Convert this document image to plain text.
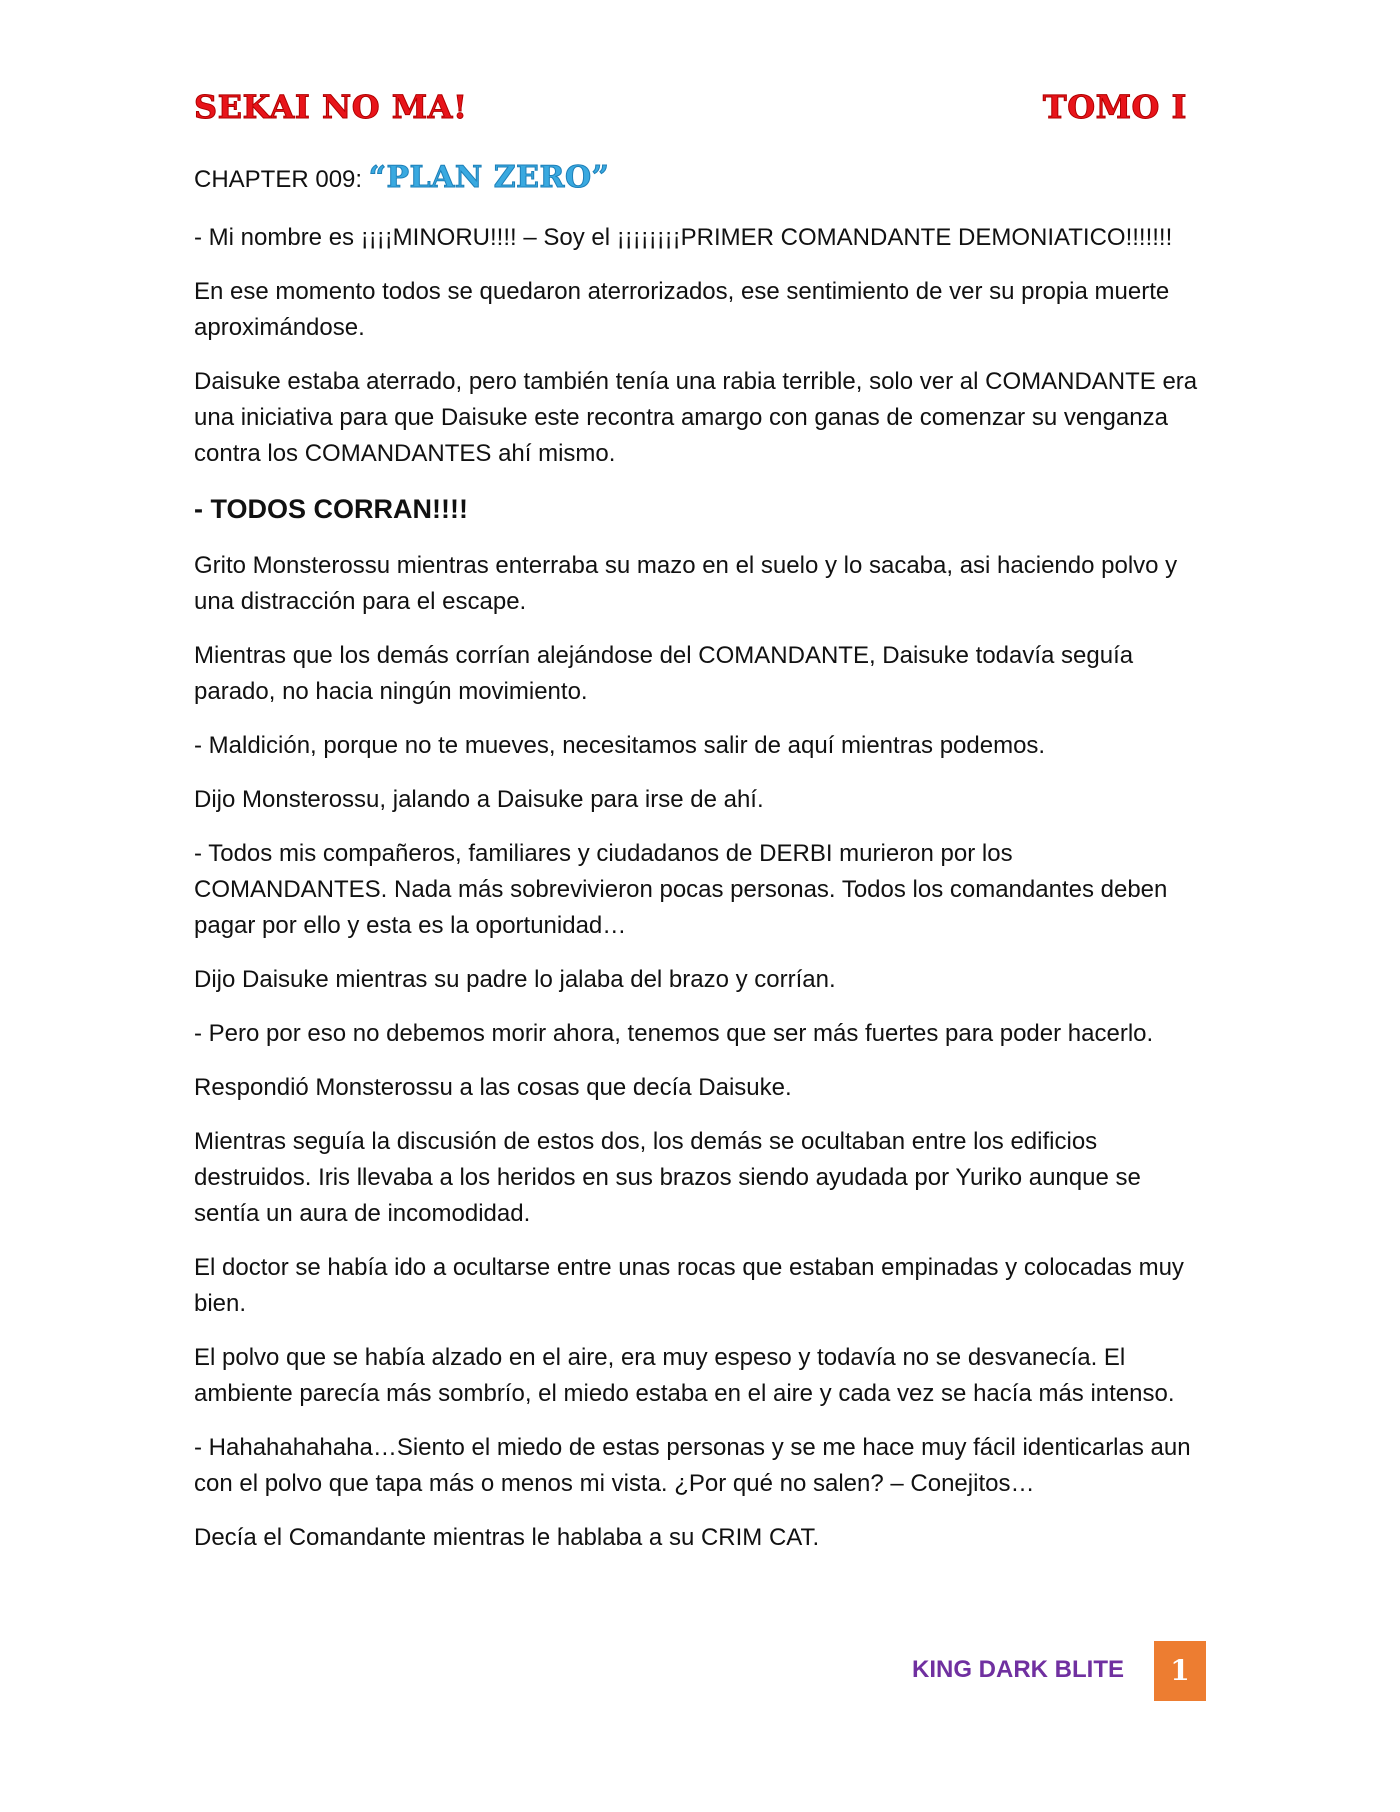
SEKAI NO MA!	TOMO I
CHAPTER 009: “PLAN ZERO”

- Mi nombre es ¡¡¡¡MINORU!!!! – Soy el ¡¡¡¡¡¡¡¡PRIMER COMANDANTE DEMONIATICO!!!!!!!

En ese momento todos se quedaron aterrorizados, ese sentimiento de ver su propia muerte aproximándose.

Daisuke estaba aterrado, pero también tenía una rabia terrible, solo ver al COMANDANTE era una iniciativa para que Daisuke este recontra amargo con ganas de comenzar su venganza contra los COMANDANTES ahí mismo.

- TODOS CORRAN!!!!

Grito Monsterossu mientras enterraba su mazo en el suelo y lo sacaba, asi haciendo polvo y una distracción para el escape.

Mientras que los demás corrían alejándose del COMANDANTE, Daisuke todavía seguía parado, no hacia ningún movimiento.

- Maldición, porque no te mueves, necesitamos salir de aquí mientras podemos.

Dijo Monsterossu, jalando a Daisuke para irse de ahí.

- Todos mis compañeros, familiares y ciudadanos de DERBI murieron por los COMANDANTES. Nada más sobrevivieron pocas personas. Todos los comandantes deben pagar por ello y esta es la oportunidad…

Dijo Daisuke mientras su padre lo jalaba del brazo y corrían.

- Pero por eso no debemos morir ahora, tenemos que ser más fuertes para poder hacerlo.

Respondió Monsterossu a las cosas que decía Daisuke.

Mientras seguía la discusión de estos dos, los demás se ocultaban entre los edificios destruidos. Iris llevaba a los heridos en sus brazos siendo ayudada por Yuriko aunque se sentía un aura de incomodidad.

El doctor se había ido a ocultarse entre unas rocas que estaban empinadas y colocadas muy bien.

El polvo que se había alzado en el aire, era muy espeso y todavía no se desvanecía. El ambiente parecía más sombrío, el miedo estaba en el aire y cada vez se hacía más intenso.

- Hahahahahaha…Siento el miedo de estas personas y se me hace muy fácil identicarlas aun con el polvo que tapa más o menos mi vista. ¿Por qué no salen? – Conejitos…

Decía el Comandante mientras le hablaba a su CRIM CAT.

KING DARK BLITE	1
